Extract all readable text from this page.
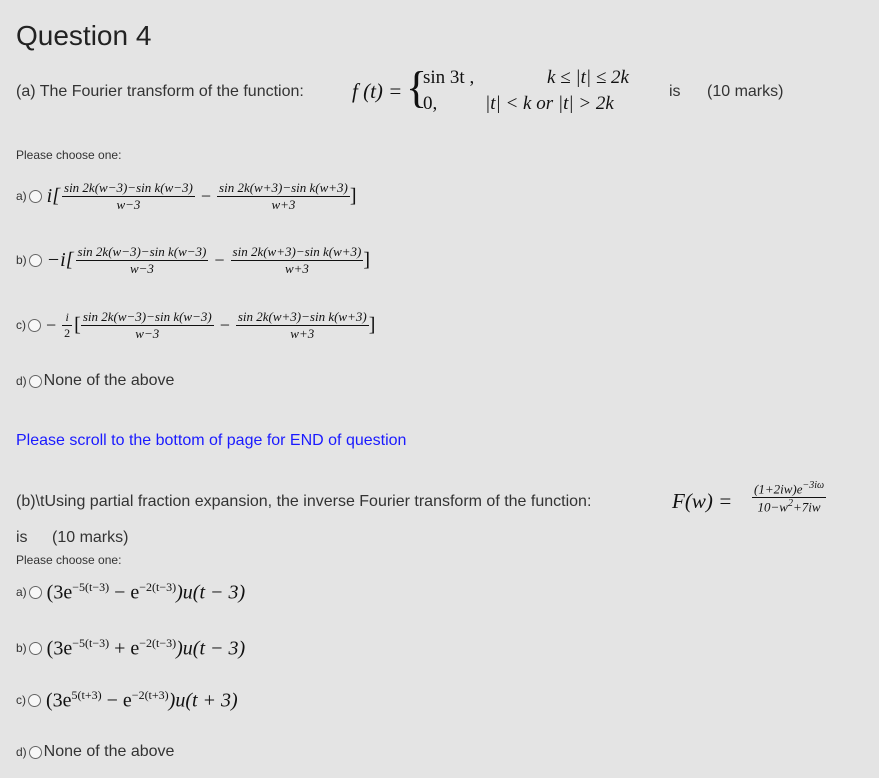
Question 4
(a) The Fourier transform of the function: f (t) = {
sin 3t ,	k ≤ |t| ≤ 2k
0,	|t| < k or |t| > 2k
is (10 marks)
Please choose one:
a) $i[ \frac{\text{sin 2k(w−3)−sin k(w−3)}}{w-3} - \frac{\text{sin 2k(w+3)−sin k(w+3)}}{w+3}$ ]
$b) -i[ \frac{\text{sin 2k(w−3)−sin k(w−3)}}{w-3} - \frac{\text{sin 2k(w+3)−sin k(w+3)}}{w+3}$ ]
$c) - \frac{i}{2}$ [ $\frac{\text{sin 2k(w−3)−sin k(w−3)}}{w-3} - \frac{\text{sin 2k(w+3)−sin k(w+3)}}{w+3}$ ]
d) None of the above
Please scroll to the bottom of page for END of question
(b)\tUsing partial fraction expansion, the inverse Fourier transform of the function:	$F(w) = \frac{(1+2iw)e^{-3i\omega}}{10-w^2+7iw}$
is (10 marks)
Please choose one:
a) $(3e^{-5(t-3)} - e^{-2(t-3)})u(t - 3)$
b) $(3e^{-5(t-3)} + e^{-2(t-3)})u(t - 3)$
c) $(3e^{5(t+3)} - e^{-2(t+3)})u(t + 3)$
d) None of the above
